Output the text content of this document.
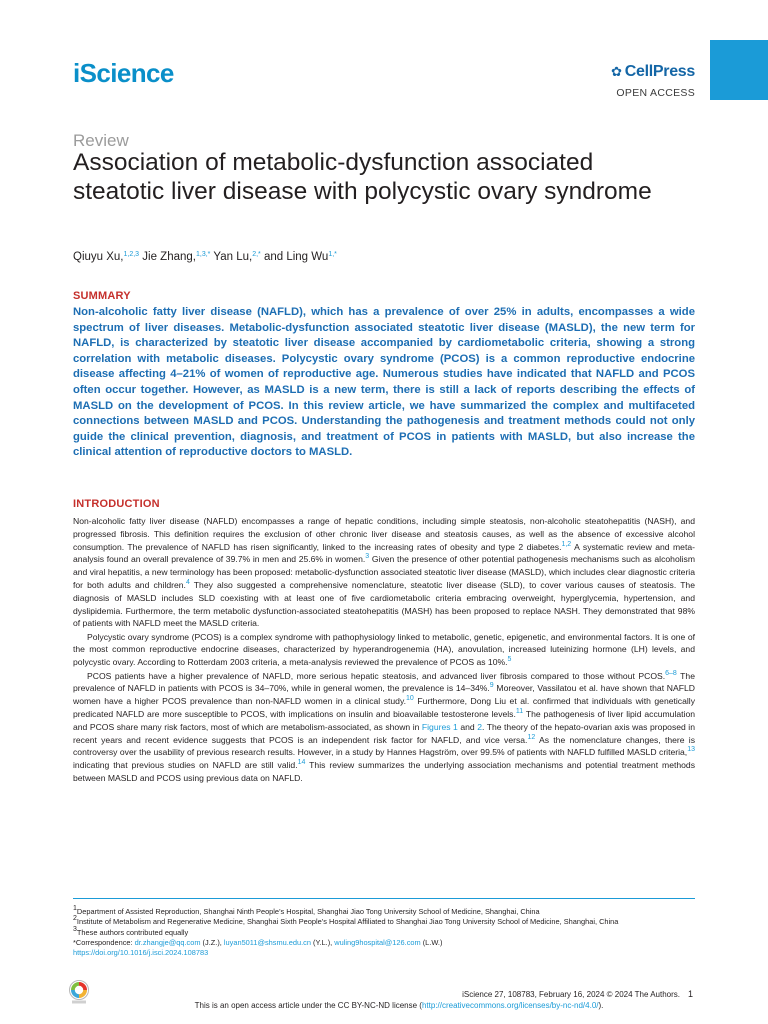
iScience	✿ CellPress
OPEN ACCESS
Review
Association of metabolic-dysfunction associated steatotic liver disease with polycystic ovary syndrome
Qiuyu Xu,$^{1,2,3}$ Jie Zhang,$^{1,3,*}$ Yan Lu,$^{2,*}$ and Ling $Wu^{1,*}$
SUMMARY

Non-alcoholic fatty liver disease (NAFLD), which has a prevalence of over 25% in adults, encompasses a wide spectrum of liver diseases. Metabolic-dysfunction associated steatotic liver disease (MASLD), the new term for NAFLD, is characterized by steatotic liver disease accompanied by cardiometabolic criteria, showing a strong correlation with metabolic diseases. Polycystic ovary syndrome (PCOS) is a common reproductive endocrine disease affecting 4–21% of women of reproductive age. Numerous studies have indicated that NAFLD and PCOS often occur together. However, as MASLD is a new term, there is still a lack of reports describing the effects of MASLD on the development of PCOS. In this review article, we have summarized the complex and multifaceted connections between MASLD and PCOS. Understanding the pathogenesis and treatment methods could not only guide the clinical prevention, diagnosis, and treatment of PCOS in patients with MASLD, but also increase the clinical attention of reproductive doctors to MASLD.

INTRODUCTION

Non-alcoholic fatty liver disease (NAFLD) encompasses a range of hepatic conditions, including simple steatosis, non-alcoholic steatohepatitis (NASH), and progressed fibrosis. This definition requires the exclusion of other chronic liver disease and steatosis causes, as well as the absence of excessive alcohol consumption. The prevalence of NAFLD has risen significantly, linked to the increasing rates of obesity and type 2 diabetes.$^{1,2}$ A systematic review and meta-analysis found an overall prevalence of 39.7% in men and 25.6% in women.$^3$ Given the presence of other potential pathogenesis mechanisms such as alcoholism and viral hepatitis, a new terminology has been proposed: metabolic-dysfunction associated steatotic liver disease (MASLD), which includes clear diagnostic criteria for both adults and children.$^4$ They also suggested a comprehensive nomenclature, steatotic liver disease (SLD), to cover various causes of steatosis. The diagnosis of MASLD includes SLD coexisting with at least one of five cardiometabolic criteria embracing overweight, hyperglycemia, hypertension, and dyslipidemia. Furthermore, the term metabolic dysfunction-associated steatohepatitis (MASH) has been proposed to replace NASH. They demonstrated that 98% of patients with NAFLD meet the MASLD criteria.

Polycystic ovary syndrome (PCOS) is a complex syndrome with pathophysiology linked to metabolic, genetic, epigenetic, and environmental factors. It is one of the most common reproductive endocrine diseases, characterized by hyperandrogenemia (HA), anovulation, increased luteinizing hormone (LH) levels, and polycystic ovary. According to Rotterdam 2003 criteria, a meta-analysis reviewed the prevalence of PCOS as 10%.$^5$

PCOS patients have a higher prevalence of NAFLD, more serious hepatic steatosis, and advanced liver fibrosis compared to those without PCOS.$^{6-8}$ The prevalence of NAFLD in patients with PCOS is 34–70%, while in general women, the prevalence is 14–34%.$^9$ Moreover, Vassilatou et al. have shown that NAFLD women have a higher PCOS prevalence than non-NAFLD women in a clinical study.$^{10}$ Furthermore, Dong Liu et al. confirmed that individuals with genetically predicated NAFLD are more susceptible to PCOS, with implications on insulin and bioavailable testosterone levels.$^{11}$ The pathogenesis of liver lipid accumulation and PCOS share many risk factors, most of which are metabolism-associated, as shown in Figures 1 and 2. The theory of the hepato-ovarian axis was proposed in recent years and recent evidence suggests that PCOS is an independent risk factor for NAFLD, and vice versa.$^{12}$ As the nomenclature changes, there is controversy over the usability of previous research results. However, in a study by Hannes Hagström, over 99.5% of patients with NAFLD fulfilled MASLD criteria,$^{13}$ indicating that previous studies on NAFLD are still valid.$^{14}$ This review summarizes the underlying association mechanisms and potential treatment methods between MASLD and PCOS using previous data on NAFLD.

$^1$Department of Assisted Reproduction, Shanghai Ninth People’s Hospital, Shanghai Jiao Tong University School of Medicine, Shanghai, China
$^2$Institute of Metabolism and Regenerative Medicine, Shanghai Sixth People’s Hospital Affiliated to Shanghai Jiao Tong University School of Medicine, Shanghai, China
$^3$These authors contributed equally
*Correspondence: dr.zhangje@qq.com (J.Z.), luyan5011@shsmu.edu.cn (Y.L.), wuling9hospital@126.com (L.W.)
https://doi.org/10.1016/j.isci.2024.108783
iScience 27, 108783, February 16, 2024 © 2024 The Authors. 1
This is an open access article under the CC BY-NC-ND license (http://creativecommons.org/licenses/by-nc-nd/4.0/).
